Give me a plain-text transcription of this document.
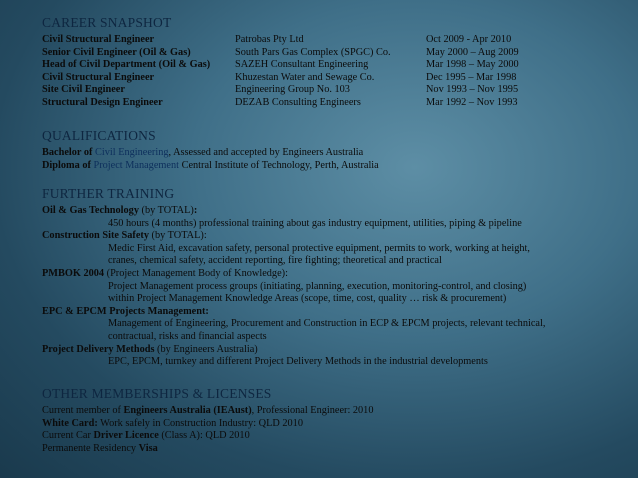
CAREER SNAPSHOT
Civil Structural Engineer	Patrobas Pty Ltd	Oct 2009 - Apr 2010
Senior Civil Engineer (Oil & Gas)	South Pars Gas Complex (SPGC) Co.	May 2000 – Aug 2009
Head of Civil Department (Oil & Gas)	SAZEH Consultant Engineering	Mar 1998 – May 2000
Civil Structural Engineer	Khuzestan Water and Sewage Co.	Dec 1995 – Mar 1998
Site Civil Engineer	Engineering Group No. 103	Nov 1993 – Nov 1995
Structural Design Engineer	DEZAB Consulting Engineers	Mar 1992 – Nov 1993
QUALIFICATIONS
Bachelor of Civil Engineering, Assessed and accepted by Engineers Australia
Diploma of Project Management Central Institute of Technology, Perth, Australia
FURTHER TRAINING
Oil & Gas Technology (by TOTAL):
450 hours (4 months) professional training about gas industry equipment, utilities, piping & pipeline
Construction Site Safety (by TOTAL):
Medic First Aid, excavation safety, personal protective equipment, permits to work, working at height,
cranes, chemical safety, accident reporting, fire fighting; theoretical and practical
PMBOK 2004 (Project Management Body of Knowledge):
Project Management process groups (initiating, planning, execution, monitoring-control, and closing)
within Project Management Knowledge Areas (scope, time, cost, quality … risk & procurement)
EPC & EPCM Projects Management:
Management of Engineering, Procurement and Construction in ECP & EPCM projects, relevant technical,
contractual, risks and financial aspects
Project Delivery Methods (by Engineers Australia)
EPC, EPCM, turnkey and different Project Delivery Methods in the industrial developments
OTHER MEMBERSHIPS & LICENSES
Current member of Engineers Australia (IEAust), Professional Engineer: 2010
White Card: Work safely in Construction Industry: QLD 2010
Current Car Driver Licence (Class A): QLD 2010
Permanente Residency Visa
